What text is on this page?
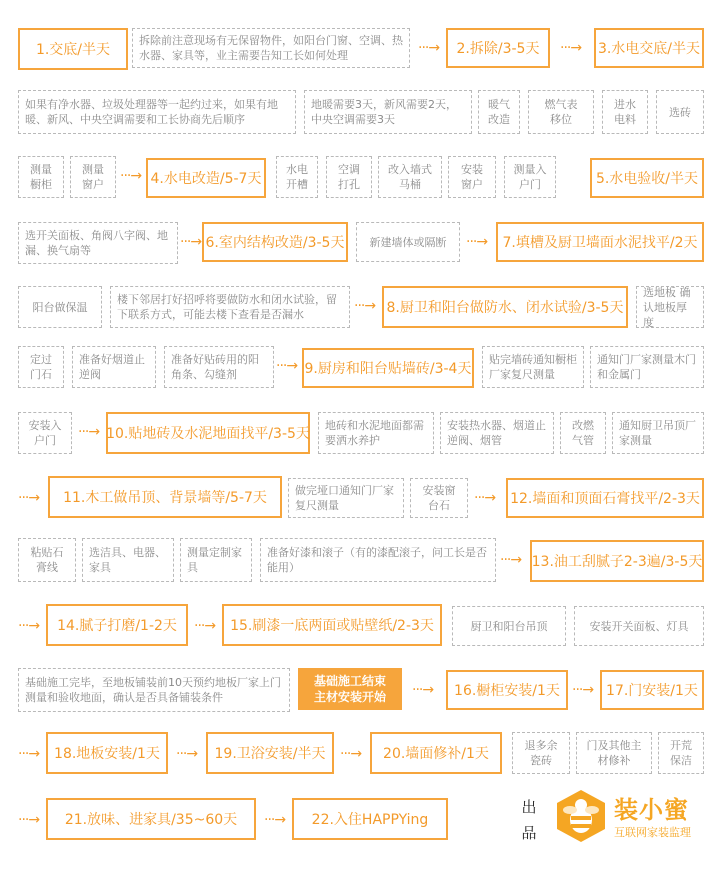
1.交底/半天
拆除前注意现场有无保留物件，如阳台门窗、空调、热水器、家具等，业主需要告知工长如何处理	···→ 2.拆除/3-5天 ···→ 3.水电交底/半天
如果有净水器、垃圾处理器等一起约过来，如果有地暖、新风、中央空调需要和工长协商先后顺序
地暖需要3天，新风需要2天，中央空调需要3天
暖气改造
燃气表移位
进水电料
选砖
测量橱柜
测量窗户
···→ 4.水电改造/5-7天
水电开槽
空调打孔
改入墙式马桶
安装窗户
测量入户门	5.水电验收/半天
选开关面板、角阀八字阀、地漏、换气扇等
···→ 6.室内结构改造/3-5天 新建墙体或隔断 ···→ 7.填槽及厨卫墙面水泥找平/2天
阳台做保温
楼下邻居打好招呼将要做防水和闭水试验，留下联系方式，可能去楼下查看是否漏水
···→ 8.厨卫和阳台做防水、闭水试验/3-5天
选地板 确认地板厚度
定过门石
准备好烟道止逆阀
准备好贴砖用的阳角条、勾缝剂
···→ 9.厨房和阳台贴墙砖/3-4天
贴完墙砖通知橱柜厂家复尺测量
通知门厂家测量木门和金属门
安装入户门
···→ 10.贴地砖及水泥地面找平/3-5天
地砖和水泥地面都需要洒水养护
安装热水器、烟道止逆阀、烟管
改燃气管
通知厨卫吊顶厂家测量
···→ 11.木工做吊顶、背景墙等/5-7天	做完垭口通知门厂家复尺测量
安装窗台石	···→ 12.墙面和顶面石膏找平/2-3天
粘贴石膏线
选洁具、电器、家具
测量定制家具
准备好漆和滚子（有的漆配滚子，问工长是否能用）	···→ 13.油工刮腻子2-3遍/3-5天
···→ 14.腻子打磨/1-2天 ···→ 15.刷漆一底两面或贴壁纸/2-3天	厨卫和阳台吊顶	安装开关面板、灯具
基础施工完毕，至地板铺装前10天预约地板厂家上门测量和验收地面，确认是否具备铺装条件
基础施工结束主材安装开始 ···→ 16.橱柜安装/1天 ···→ 17.门安装/1天
···→ 18.地板安装/1天 ···→ 19.卫浴安装/半天 ···→ 20.墙面修补/1天
退多余瓷砖
门及其他主材修补
开荒保洁
···→ 21.放味、进家具/35~60天 ···→ 22.入住HAPPYing
出品
装小蜜
互联网家装监理
